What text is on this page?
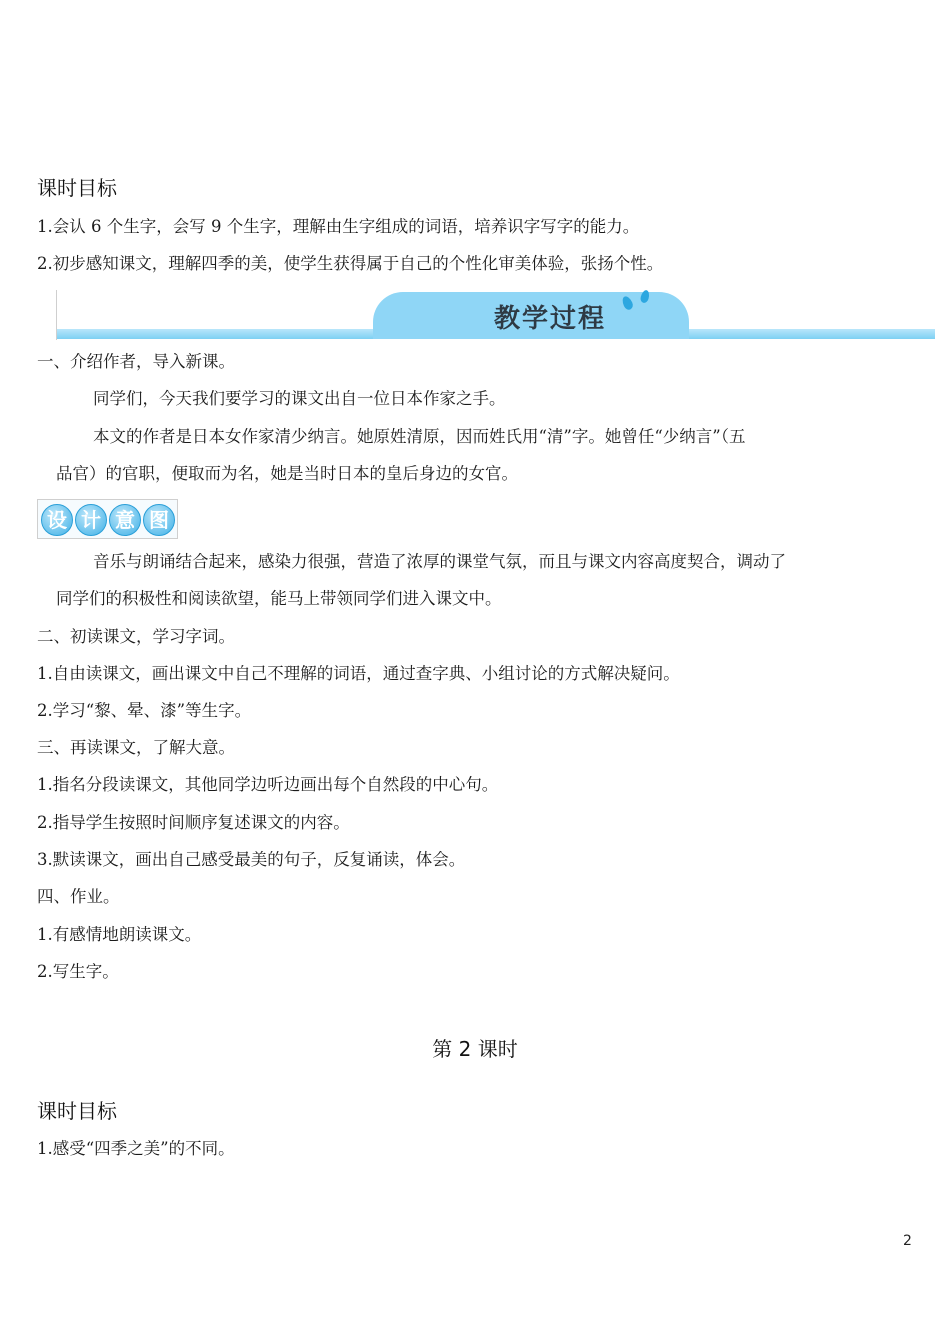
课时目标
1.会认 6 个生字，会写 9 个生字，理解由生字组成的词语，培养识字写字的能力。
2.初步感知课文，理解四季的美，使学生获得属于自己的个性化审美体验，张扬个性。
教学过程
一、介绍作者，导入新课。
同学们，今天我们要学习的课文出自一位日本作家之手。
本文的作者是日本女作家清少纳言。她原姓清原，因而姓氏用“清”字。她曾任“少纳言”（五
品官）的官职，便取而为名，她是当时日本的皇后身边的女官。
设 计 意 图
音乐与朗诵结合起来，感染力很强，营造了浓厚的课堂气氛，而且与课文内容高度契合，调动了
同学们的积极性和阅读欲望，能马上带领同学们进入课文中。
二、初读课文，学习字词。
1.自由读课文，画出课文中自己不理解的词语，通过查字典、小组讨论的方式解决疑问。
2.学习“黎、晕、漆”等生字。
三、再读课文，了解大意。
1.指名分段读课文，其他同学边听边画出每个自然段的中心句。
2.指导学生按照时间顺序复述课文的内容。
3.默读课文，画出自己感受最美的句子，反复诵读，体会。
四、作业。
1.有感情地朗读课文。
2.写生字。
第 2 课时
课时目标
1.感受“四季之美”的不同。
2
